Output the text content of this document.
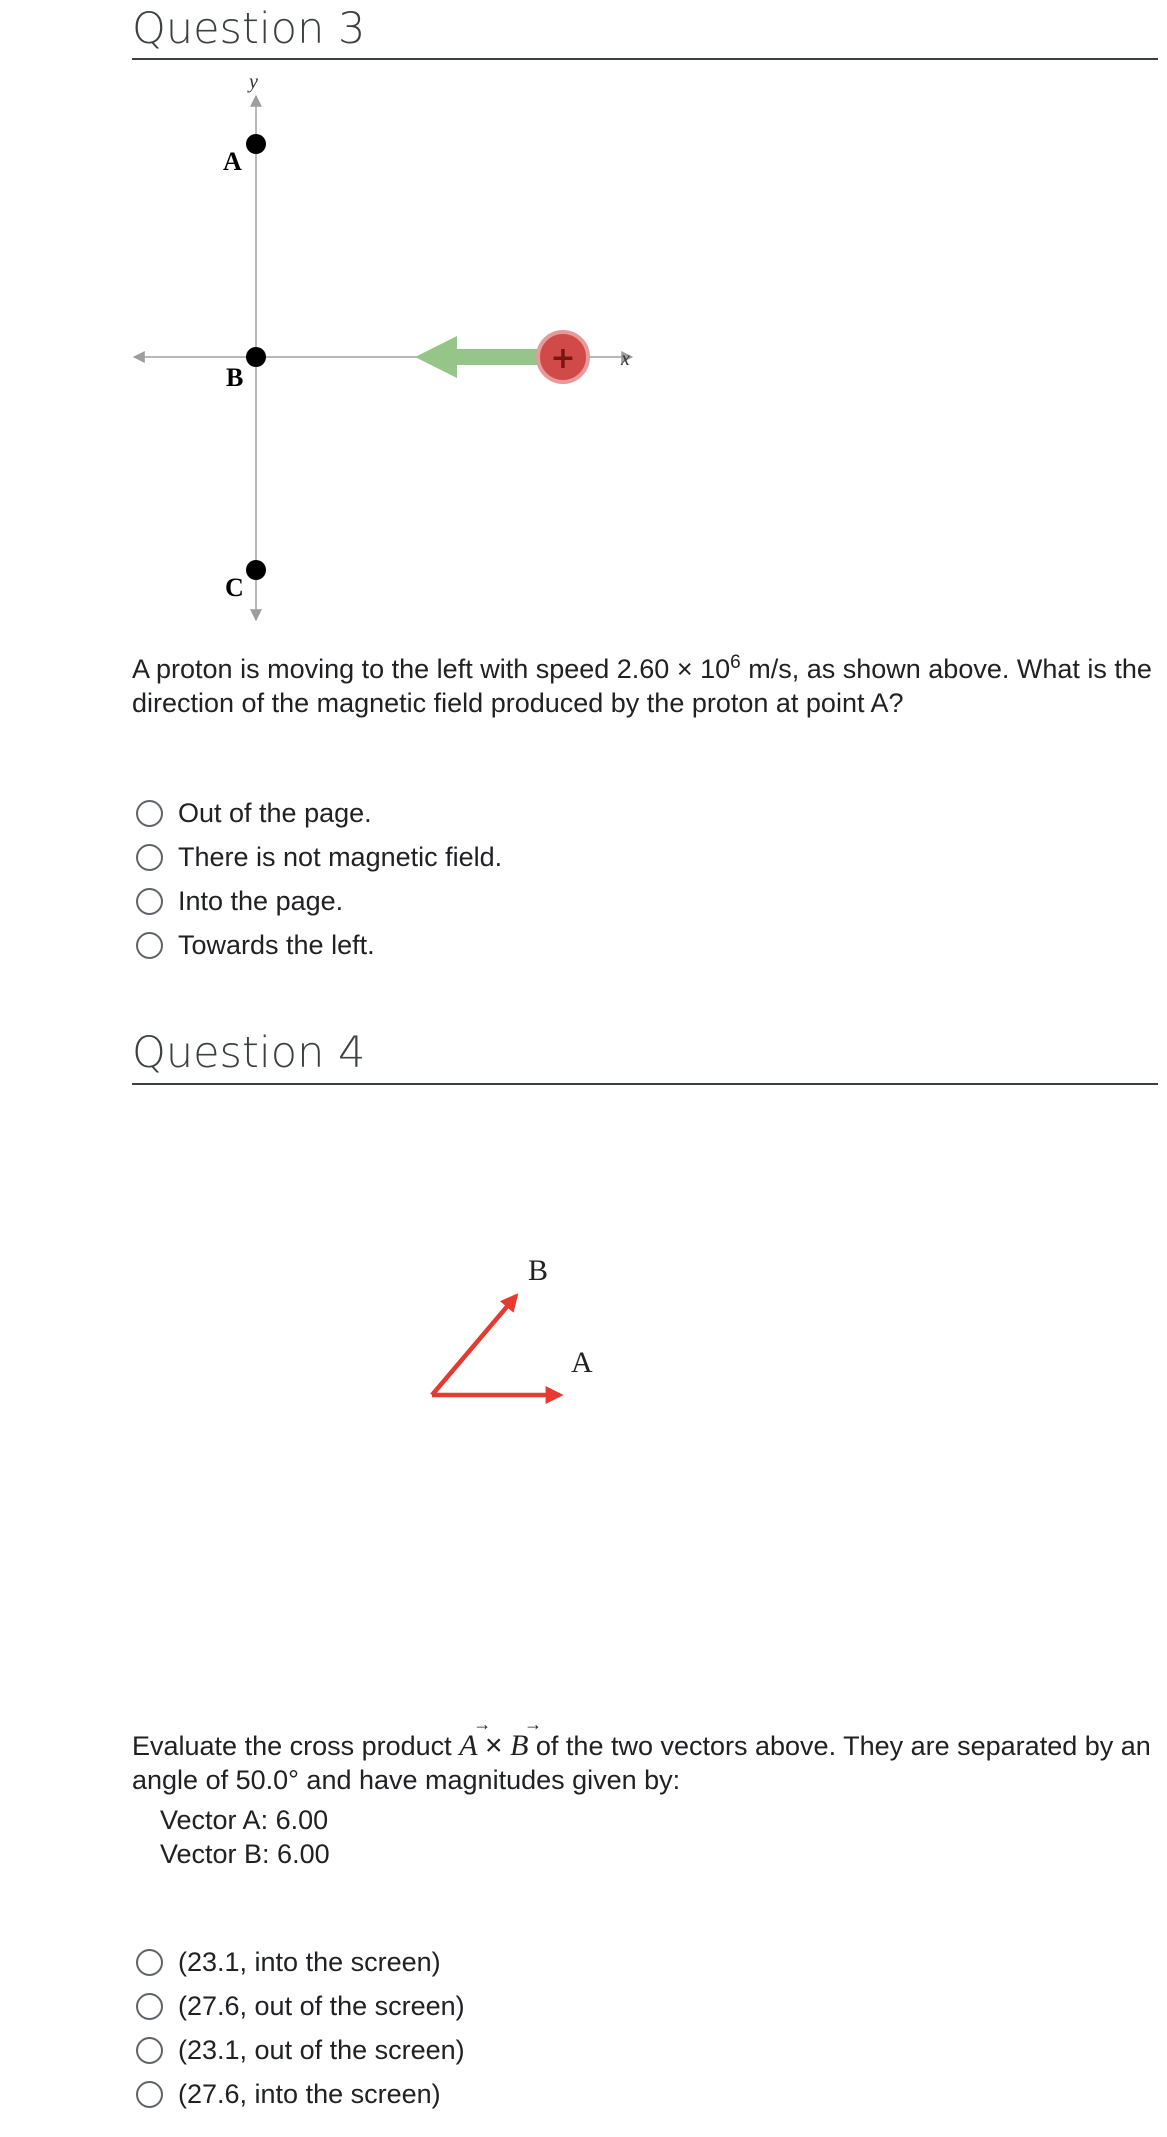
Question 3
y
x
A
B
C
+

A proton is moving to the left with speed $2.60 \times 10^6$ m/s, as shown above. What is the direction of the magnetic field produced by the proton at point A?

Out of the page.
There is not magnetic field.
Into the page.
Towards the left.
Question 4
B
A

Evaluate the cross product → A × → B of the two vectors above. They are separated by an angle of 50.0° and have magnitudes given by:

Vector A: 6.00
Vector B: 6.00
(23.1, into the screen)
(27.6, out of the screen)
(23.1, out of the screen)
(27.6, into the screen)
